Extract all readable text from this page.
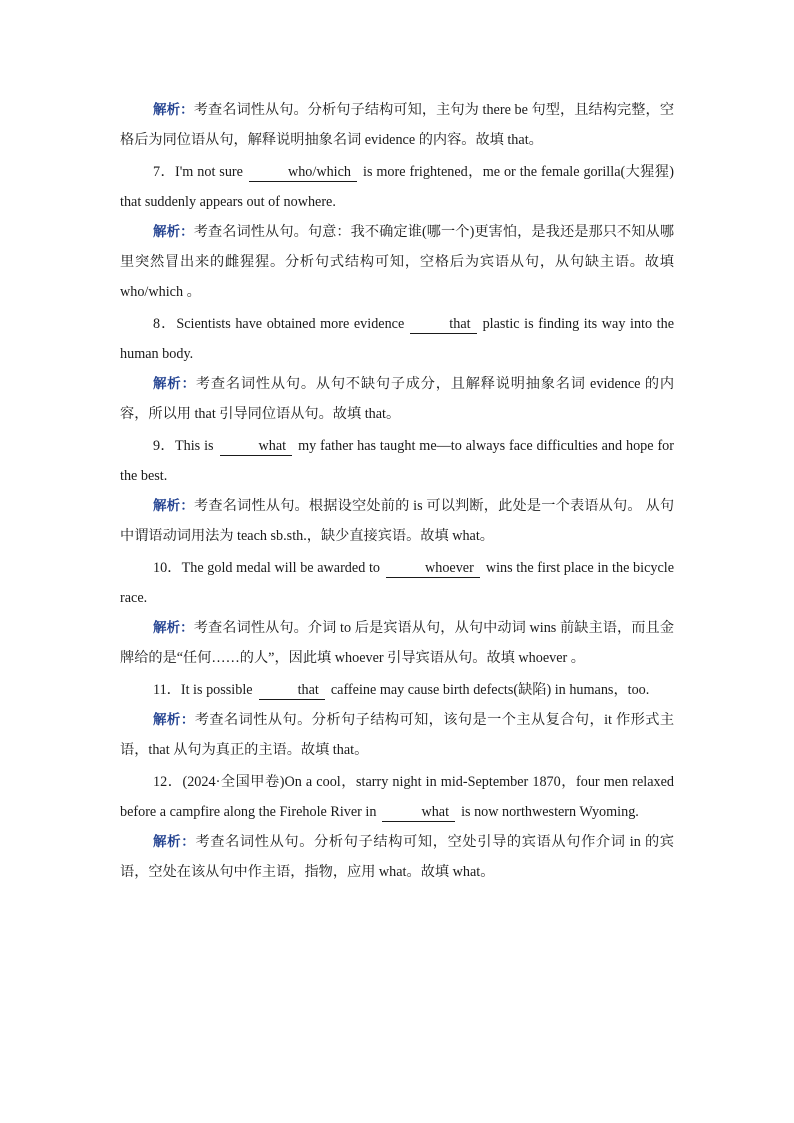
解析：考查名词性从句。分析句子结构可知，主句为 there be 句型，且结构完整，空格后为同位语从句，解释说明抽象名词 evidence 的内容。故填 that。

7．I'm not sure	who/which is more frightened，me or the female gorilla(大猩猩) that suddenly appears out of nowhere.

解析：考查名词性从句。句意：我不确定谁(哪一个)更害怕，是我还是那只不知从哪里突然冒出来的雌猩猩。分析句式结构可知，空格后为宾语从句，从句缺主语。故填 who/which 。

8．Scientists have obtained more evidence	that plastic is finding its way into the human body.

解析：考查名词性从句。从句不缺句子成分，且解释说明抽象名词 evidence 的内容，所以用 that 引导同位语从句。故填 that。

9．This is	what my father has taught me—to always face difficulties and hope for the best.

解析：考查名词性从句。根据设空处前的 is 可以判断，此处是一个表语从句。 从句中谓语动词用法为 teach sb.sth.，缺少直接宾语。故填 what。

10．The gold medal will be awarded to	whoever wins the first place in the bicycle race.

解析：考查名词性从句。介词 to 后是宾语从句，从句中动词 wins 前缺主语，而且金牌给的是“任何……的人”，因此填 whoever 引导宾语从句。故填 whoever 。

11．It is possible	that caffeine may cause birth defects(缺陷) in humans，too.

解析：考查名词性从句。分析句子结构可知，该句是一个主从复合句，it 作形式主语，that 从句为真正的主语。故填 that。

12．(2024·全国甲卷)On a cool，starry night in mid-September 1870，four men relaxed before a campfire along the Firehole River in	what is now northwestern Wyoming.

解析：考查名词性从句。分析句子结构可知，空处引导的宾语从句作介词 in 的宾语，空处在该从句中作主语，指物，应用 what。故填 what。
